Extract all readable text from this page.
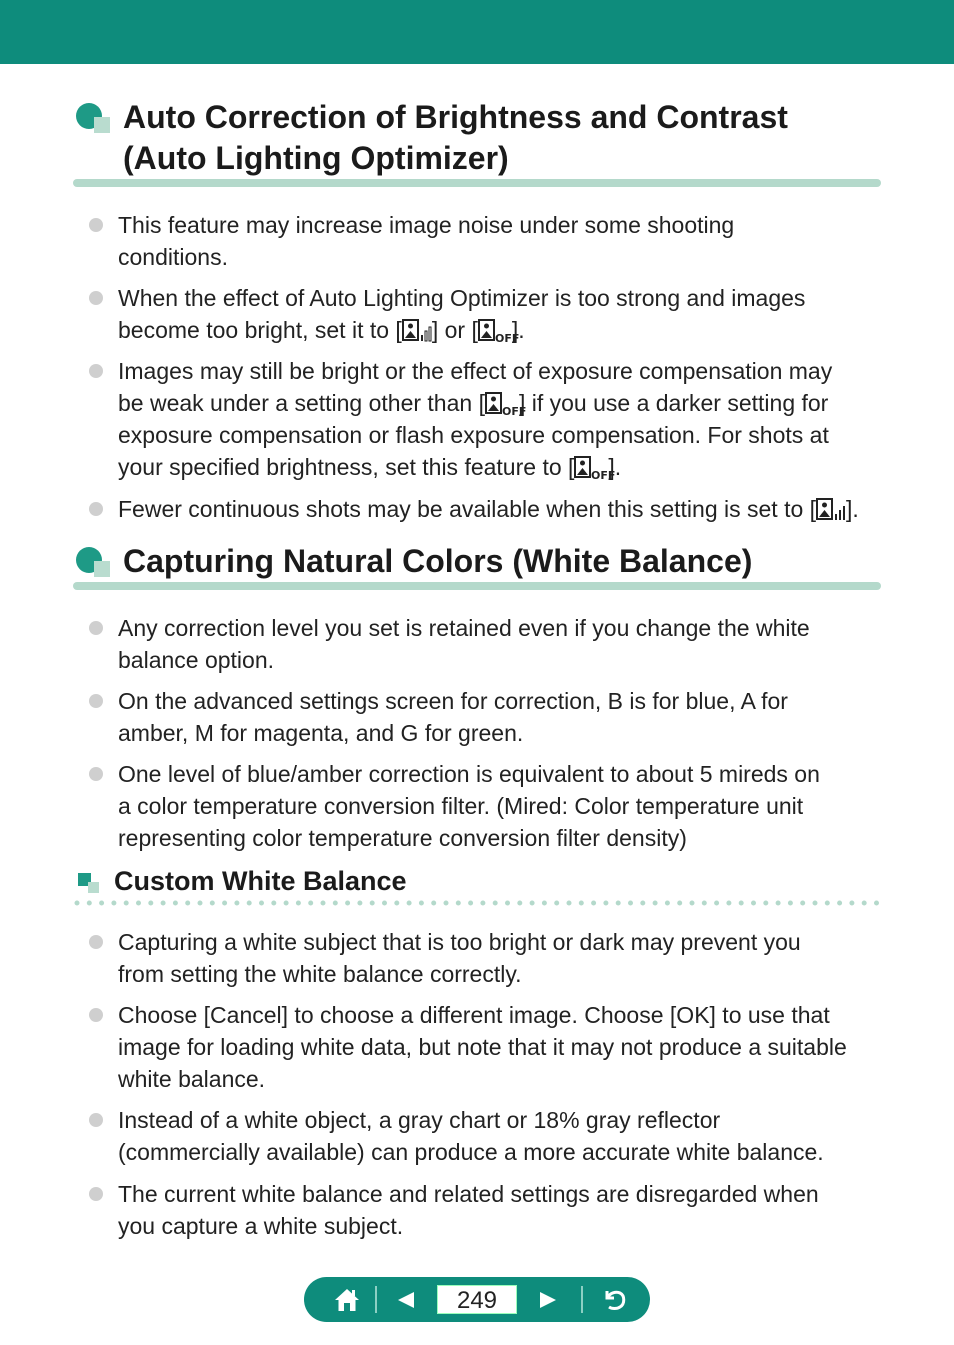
Auto Correction of Brightness and Contrast
(Auto Lighting Optimizer)
This feature may increase image noise under some shooting
conditions.
When the effect of Auto Lighting Optimizer is too strong and images
become too bright, set it to [ ] or [ OFF
].
Images may still be bright or the effect of exposure compensation may
be weak under a setting other than [ OFF
] if you use a darker setting for
exposure compensation or flash exposure compensation. For shots at
your specified brightness, set this feature to [ OFF
].
Fewer continuous shots may be available when this setting is set to [ ].
Capturing Natural Colors (White Balance)
Any correction level you set is retained even if you change the white
balance option.
On the advanced settings screen for correction, B is for blue, A for
amber, M for magenta, and G for green.
One level of blue/amber correction is equivalent to about 5 mireds on
a color temperature conversion filter. (Mired: Color temperature unit
representing color temperature conversion filter density)
Custom White Balance
Capturing a white subject that is too bright or dark may prevent you
from setting the white balance correctly.
Choose [Cancel] to choose a different image. Choose [OK] to use that
image for loading white data, but note that it may not produce a suitable
white balance.
Instead of a white object, a gray chart or 18% gray reflector
(commercially available) can produce a more accurate white balance.
The current white balance and related settings are disregarded when
you capture a white subject.
249
